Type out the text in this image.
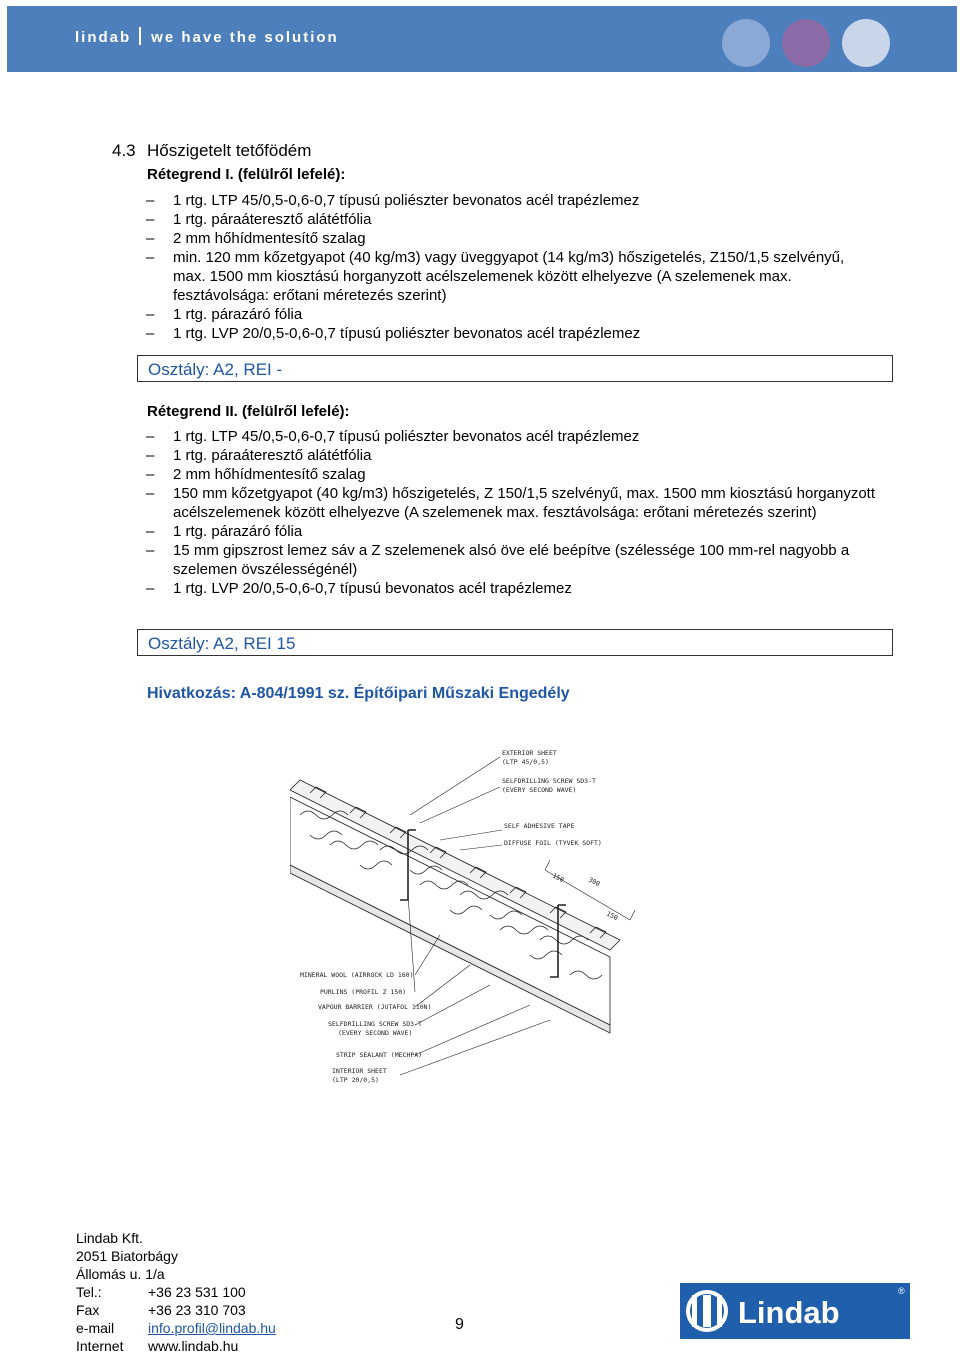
lindab we have the solution
4.3 Hőszigetelt tetőfödém
Rétegrend I. (felülről lefelé):
– 1 rtg. LTP 45/0,5-0,6-0,7 típusú poliészter bevonatos acél trapézlemez
– 1 rtg. páraáteresztő alátétfólia
– 2 mm hőhídmentesítő szalag
– min. 120 mm kőzetgyapot (40 kg/m3) vagy üveggyapot (14 kg/m3) hőszigetelés, Z150/1,5 szelvényű, max. 1500 mm kiosztású horganyzott acélszelemenek között elhelyezve (A szelemenek max. fesztávolsága: erőtani méretezés szerint)
– 1 rtg. párazáró fólia
– 1 rtg. LVP 20/0,5-0,6-0,7 típusú poliészter bevonatos acél trapézlemez
Osztály: A2, REI -
Rétegrend II. (felülről lefelé):
– 1 rtg. LTP 45/0,5-0,6-0,7 típusú poliészter bevonatos acél trapézlemez
– 1 rtg. páraáteresztő alátétfólia
– 2 mm hőhídmentesítő szalag
– 150 mm kőzetgyapot (40 kg/m3) hőszigetelés, Z 150/1,5 szelvényű, max. 1500 mm kiosztású horganyzott acélszelemenek között elhelyezve (A szelemenek max. fesztávolsága: erőtani méretezés szerint)
– 1 rtg. párazáró fólia
– 15 mm gipszrost lemez sáv a Z szelemenek alsó öve elé beépítve (szélessége 100 mm-rel nagyobb a szelemen övszélességénél)
– 1 rtg. LVP 20/0,5-0,6-0,7 típusú bevonatos acél trapézlemez
Osztály: A2, REI 15
Hivatkozás: A-804/1991 sz. Építőipari Műszaki Engedély
EXTERIOR SHEET
(LTP 45/0,5)
SELFDRILLING SCREW SD3-T
(EVERY SECOND WAVE)
SELF ADHESIVE TAPE
DIFFUSE FOIL (TYVEK SOFT)
150	300
150
MINERAL WOOL (AIRROCK LD 160)
PURLINS (PROFIL Z 150)
VAPOUR BARRIER (JUTAFOL 110N)
SELFDRILLING SCREW SD3-T
(EVERY SECOND WAVE)
STRIP SEALANT (MECHPA)
INTERIOR SHEET
(LTP 20/0,5)
Lindab Kft.
2051 Biatorbágy
Állomás u. 1/a
Tel.:	+36 23 531 100
Fax	+36 23 310 703
e-mail	info.profil@lindab.hu
Internet	www.lindab.hu
9	Lindab
®
